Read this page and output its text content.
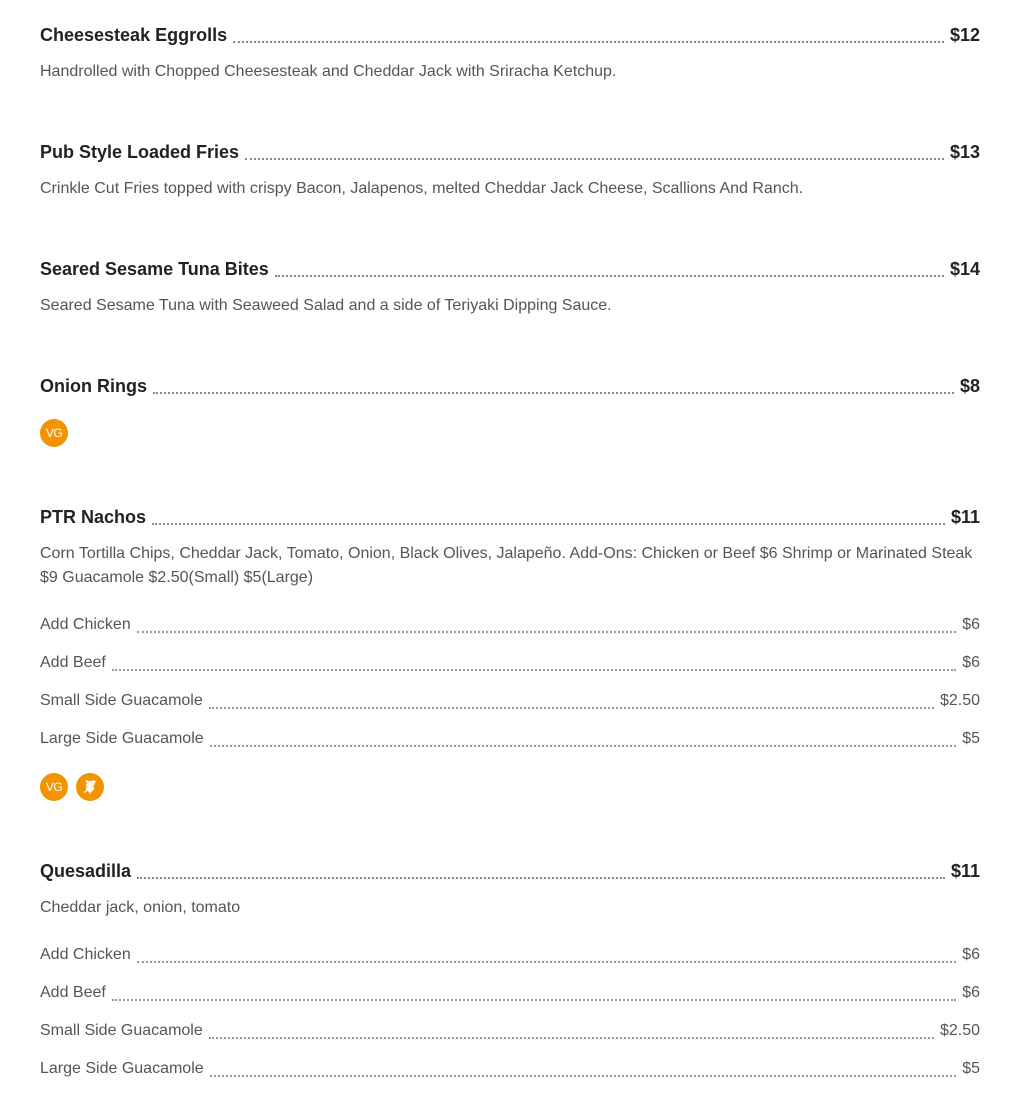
Cheesesteak Eggrolls	$12
Handrolled with Chopped Cheesesteak and Cheddar Jack with Sriracha Ketchup.
Pub Style Loaded Fries	$13
Crinkle Cut Fries topped with crispy Bacon, Jalapenos, melted Cheddar Jack Cheese, Scallions And Ranch.
Seared Sesame Tuna Bites	$14
Seared Sesame Tuna with Seaweed Salad and a side of Teriyaki Dipping Sauce.
Onion Rings	$8
VG
PTR Nachos	$11
Corn Tortilla Chips, Cheddar Jack, Tomato, Onion, Black Olives, Jalapeño. Add-Ons: Chicken or Beef $6 Shrimp or Marinated Steak $9 Guacamole $2.50(Small) $5(Large)
Add Chicken	$6
Add Beef	$6
Small Side Guacamole	$2.50
Large Side Guacamole	$5
VG
Quesadilla	$11
Cheddar jack, onion, tomato
Add Chicken	$6
Add Beef	$6
Small Side Guacamole	$2.50
Large Side Guacamole	$5
